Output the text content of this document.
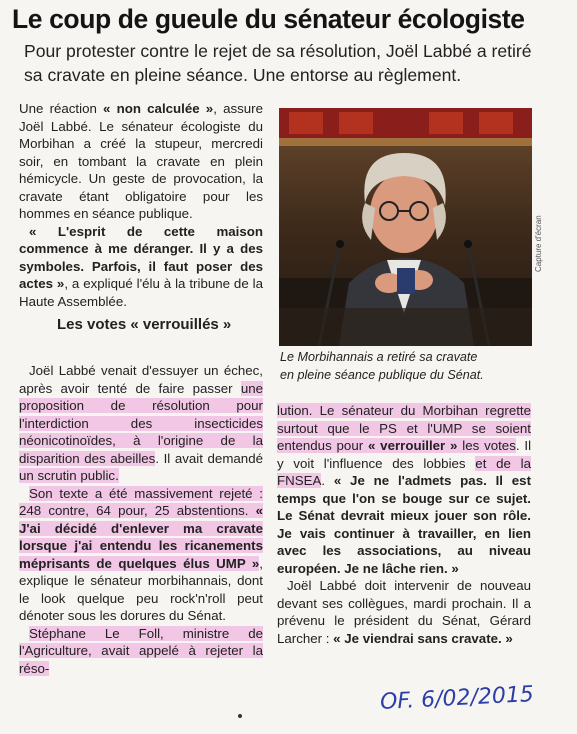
Le coup de gueule du sénateur écologiste

Pour protester contre le rejet de sa résolution, Joël Labbé a retiré sa cravate en pleine séance. Une entorse au règlement.

Une réaction « non calculée », assure Joël Labbé. Le sénateur écologiste du Morbihan a créé la stupeur, mercredi soir, en tombant la cravate en plein hémicycle. Un geste de provocation, la cravate étant obligatoire pour les hommes en séance publique.

« L'esprit de cette maison commence à me déranger. Il y a des symboles. Parfois, il faut poser des actes », a expliqué l'élu à la tribune de la Haute Assemblée.

Les votes « verrouillés »

Joël Labbé venait d'essuyer un échec, après avoir tenté de faire passer une proposition de résolution pour l'interdiction des insecticides néonicotinoïdes, à l'origine de la disparition des abeilles. Il avait demandé un scrutin public.

Son texte a été massivement rejeté : 248 contre, 64 pour, 25 abstentions. « J'ai décidé d'enlever ma cravate lorsque j'ai entendu les ricanements méprisants de quelques élus UMP », explique le sénateur morbihannais, dont le look quelque peu rock'n'roll peut dénoter sous les dorures du Sénat.

Stéphane Le Foll, ministre de l'Agriculture, avait appelé à rejeter la réso-

Capture d'écran
Le Morbihannais a retiré sa cravate
en pleine séance publique du Sénat.

lution. Le sénateur du Morbihan regrette surtout que le PS et l'UMP se soient entendus pour « verrouiller » les votes. Il y voit l'influence des lobbies et de la FNSEA. « Je ne l'admets pas. Il est temps que l'on se bouge sur ce sujet. Le Sénat devrait mieux jouer son rôle. Je vais continuer à travailler, en lien avec les associations, au niveau européen. Je ne lâche rien. »

Joël Labbé doit intervenir de nouveau devant ses collègues, mardi prochain. Il a prévenu le président du Sénat, Gérard Larcher : « Je viendrai sans cravate. »

OF. 6/02/2015
